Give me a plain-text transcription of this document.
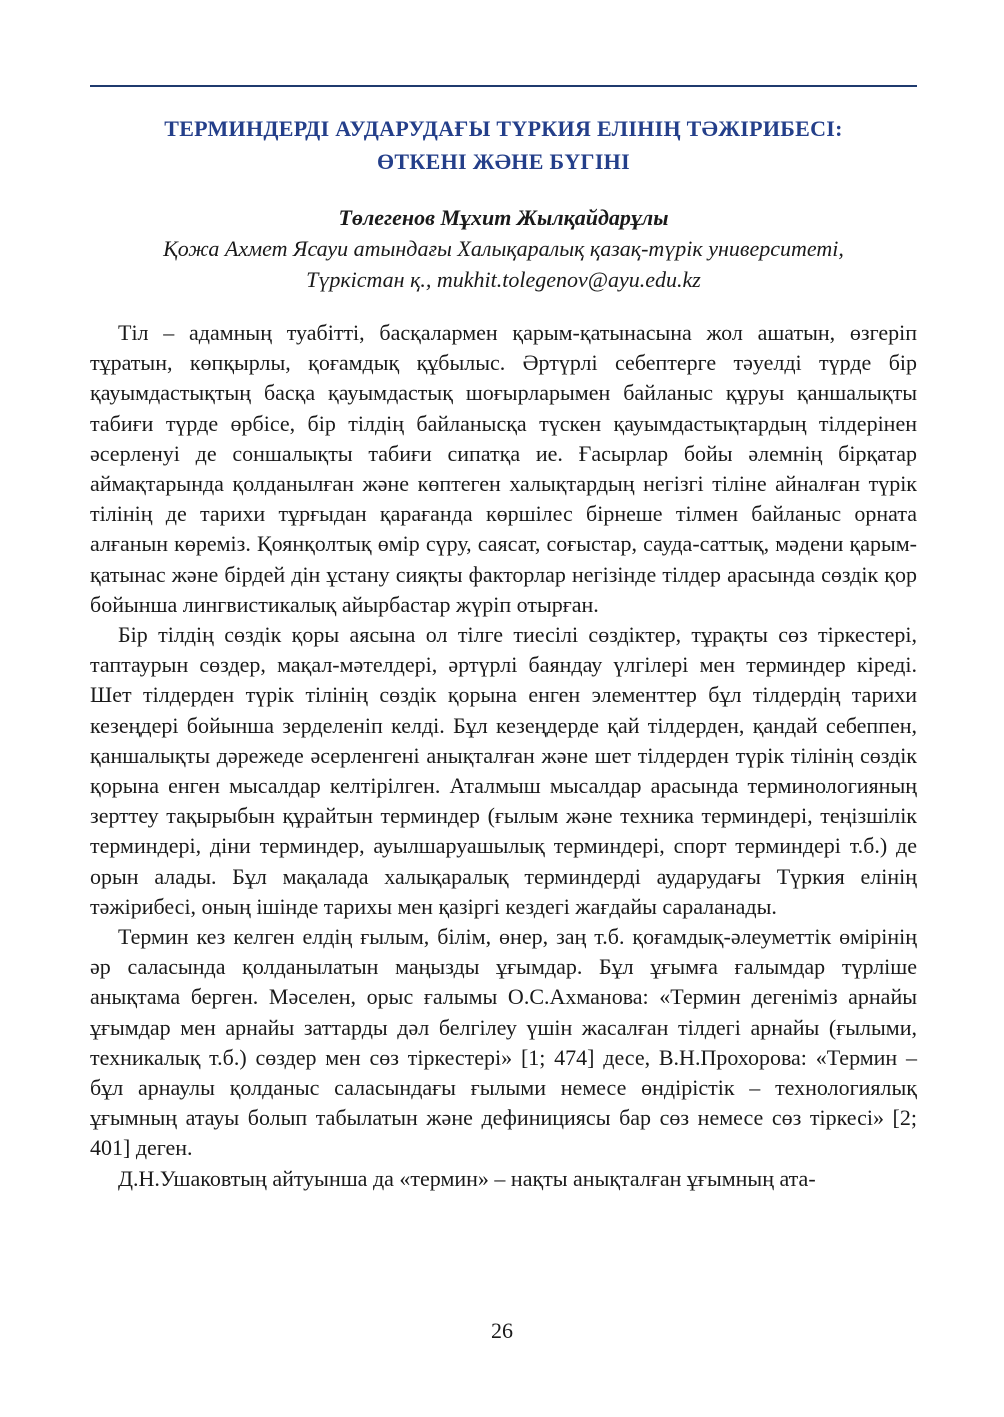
ТЕРМИНДЕРДІ АУДАРУДАҒЫ ТҮРКИЯ ЕЛІНІҢ ТӘЖІРИБЕСІ:
ӨТКЕНІ ЖӘНЕ БҮГІНІ
Төлегенов Мұхит Жылқайдарұлы
Қожа Ахмет Ясауи атындағы Халықаралық қазақ-түрік университеті,
Түркістан қ., mukhit.tolegenov@ayu.edu.kz

Тіл – адамның туабітті, басқалармен қарым-қатынасына жол ашатын, өзгеріп тұратын, көпқырлы, қоғамдық құбылыс. Әртүрлі себептерге тәуелді түрде бір қауымдастықтың басқа қауымдастық шоғырларымен байланыс құруы қаншалықты табиғи түрде өрбісе, бір тілдің байланысқа түскен қауымдастықтардың тілдерінен әсерленуі де соншалықты табиғи сипатқа ие. Ғасырлар бойы әлемнің бірқатар аймақтарында қолданылған және көптеген халықтардың негізгі тіліне айналған түрік тілінің де тарихи тұрғыдан қарағанда көршілес бірнеше тілмен байланыс орната алғанын көреміз. Қоянқолтық өмір сүру, саясат, соғыстар, сауда-саттық, мәдени қарым-қатынас және бірдей дін ұстану сияқты факторлар негізінде тілдер арасында сөздік қор бойынша лингвистикалық айырбастар жүріп отырған.

Бір тілдің сөздік қоры аясына ол тілге тиесілі сөздіктер, тұрақты сөз тіркестері, таптаурын сөздер, мақал-мәтелдері, әртүрлі баяндау үлгілері мен терминдер кіреді. Шет тілдерден түрік тілінің сөздік қорына енген элементтер бұл тілдердің тарихи кезеңдері бойынша зерделеніп келді. Бұл кезеңдерде қай тілдерден, қандай себеппен, қаншалықты дәрежеде әсерленгені анықталған және шет тілдерден түрік тілінің сөздік қорына енген мысалдар келтірілген. Аталмыш мысалдар арасында терминологияның зерттеу тақырыбын құрайтын терминдер (ғылым және техника терминдері, теңізшілік терминдері, діни терминдер, ауылшаруашылық терминдері, спорт терминдері т.б.) де орын алады. Бұл мақалада халықаралық терминдерді аударудағы Түркия елінің тәжірибесі, оның ішінде тарихы мен қазіргі кездегі жағдайы сараланады.

Термин кез келген елдің ғылым, білім, өнер, заң т.б. қоғамдық-әлеуметтік өмірінің әр саласында қолданылатын маңызды ұғымдар. Бұл ұғымға ғалымдар түрліше анықтама берген. Мәселен, орыс ғалымы О.С.Ахманова: «Термин дегеніміз арнайы ұғымдар мен арнайы заттарды дәл белгілеу үшін жасалған тілдегі арнайы (ғылыми, техникалық т.б.) сөздер мен сөз тіркестері» [1; 474] десе, В.Н.Прохорова: «Термин – бұл арнаулы қолданыс саласындағы ғылыми немесе өндірістік – технологиялық ұғымның атауы болып табылатын және дефинициясы бар сөз немесе сөз тіркесі» [2; 401] деген.

Д.Н.Ушаковтың айтуынша да «термин» – нақты анықталған ұғымның ата-

26
